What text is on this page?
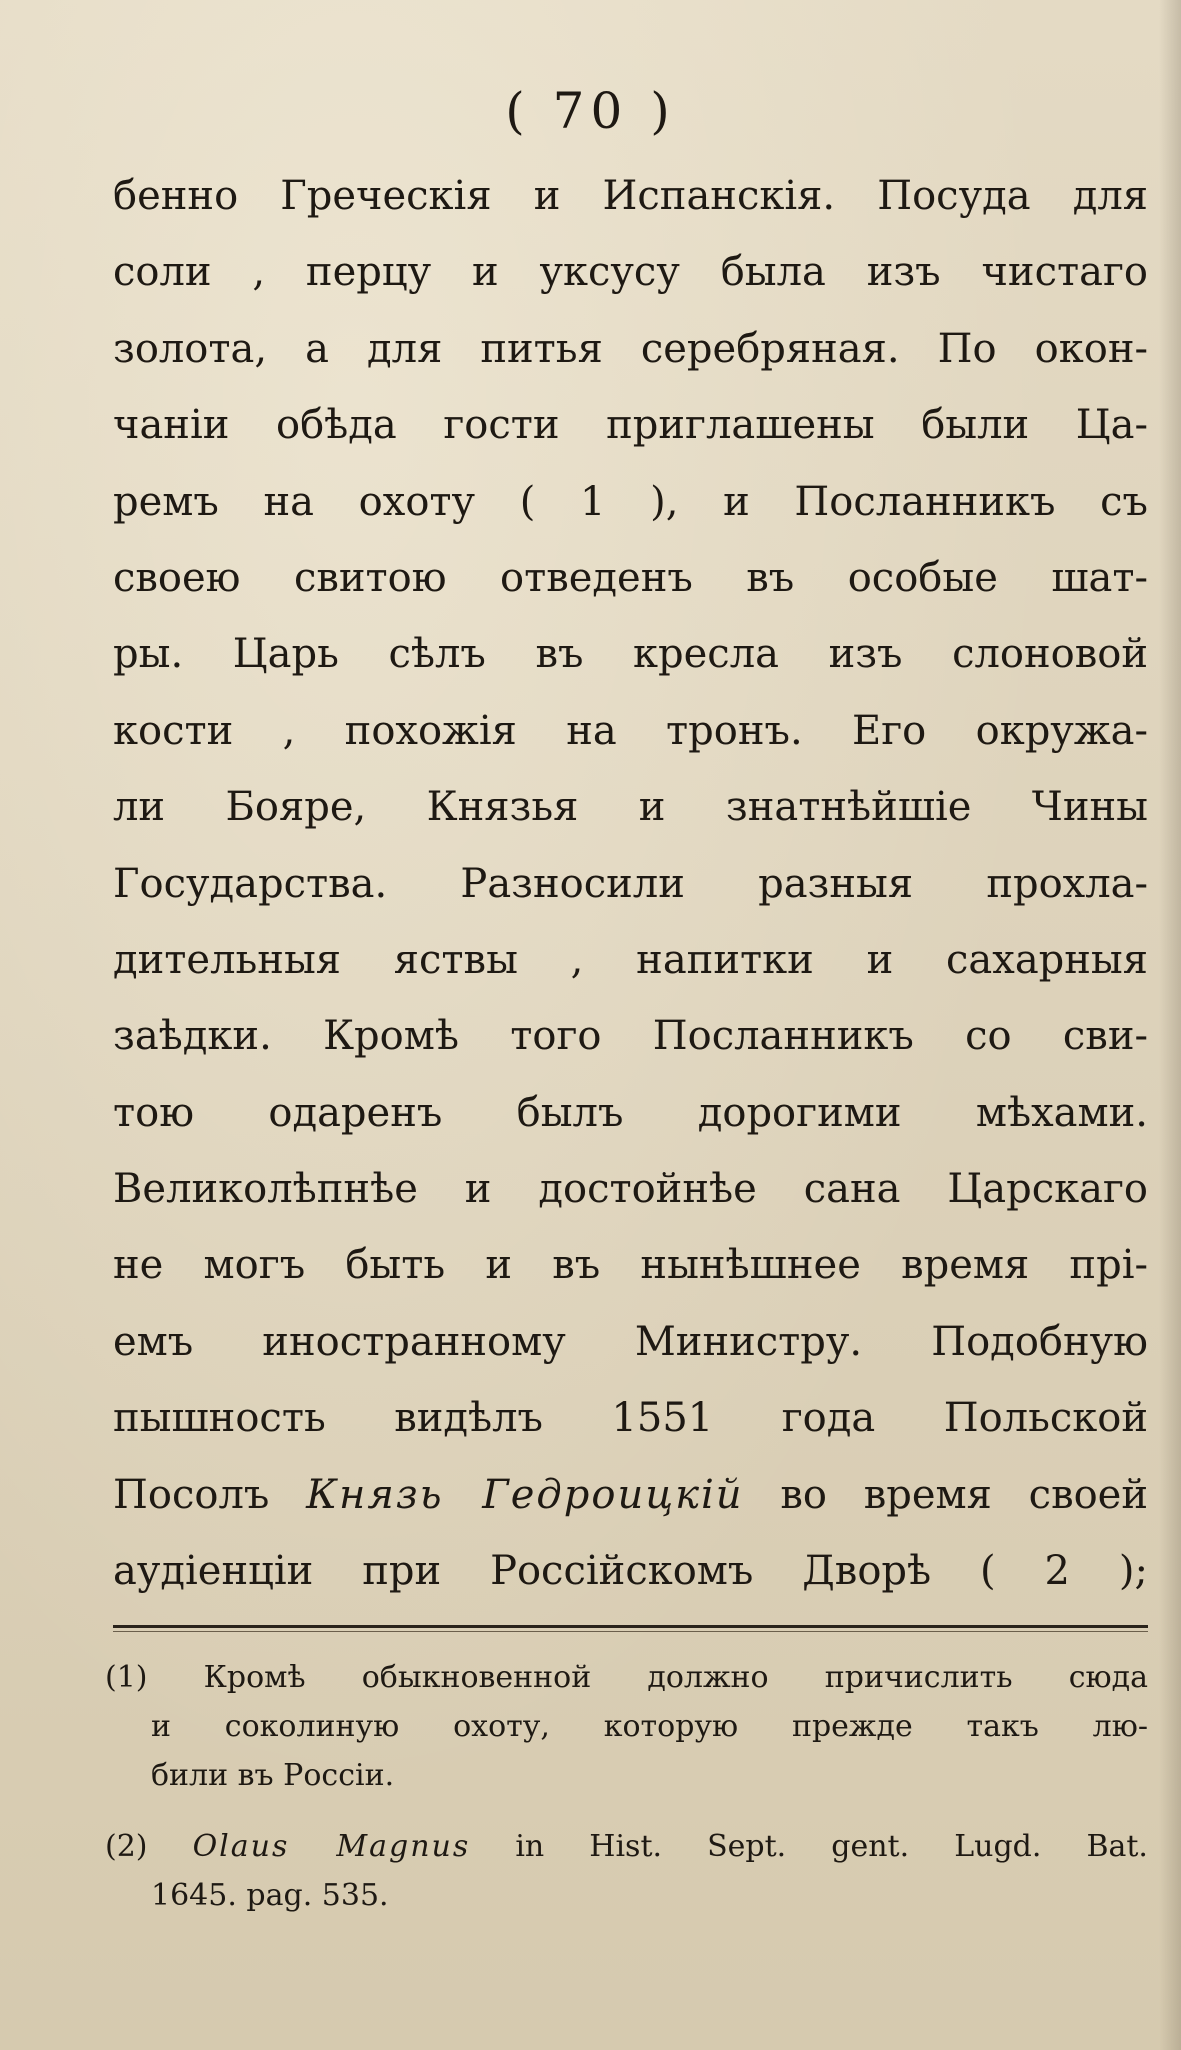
( 70 )
бенно Греческія и Испанскія. Посуда для
соли , перцу и уксусу была изъ чистаго
золота, а для питья серебряная. По окон-
чаніи обѣда гости приглашены были Ца-
ремъ на охоту ( 1 ), и Посланникъ съ
своею свитою отведенъ въ особые шат-
ры. Царь сѣлъ въ кресла изъ слоновой
кости , похожія на тронъ. Его окружа-
ли Бояре, Князья и знатнѣйшіе Чины
Государства. Разносили разныя прохла-
дительныя яствы , напитки и сахарныя
заѣдки. Кромѣ того Посланникъ со сви-
тою одаренъ былъ дорогими мѣхами.
Великолѣпнѣе и достойнѣе сана Царскаго
не могъ быть и въ нынѣшнее время прі-
емъ иностранному Министру. Подобную
пышность видѣлъ 1551 года Польской
Посолъ Князь Гедроицкій во время своей
аудіенціи при Россійскомъ Дворѣ ( 2 );
(1) Кромѣ обыкновенной должно причислить сюда
и соколиную охоту, которую прежде такъ лю-
били въ Россіи.
(2) Olaus Magnus in Hist. Sept. gent. Lugd. Bat.
1645. pag. 535.
